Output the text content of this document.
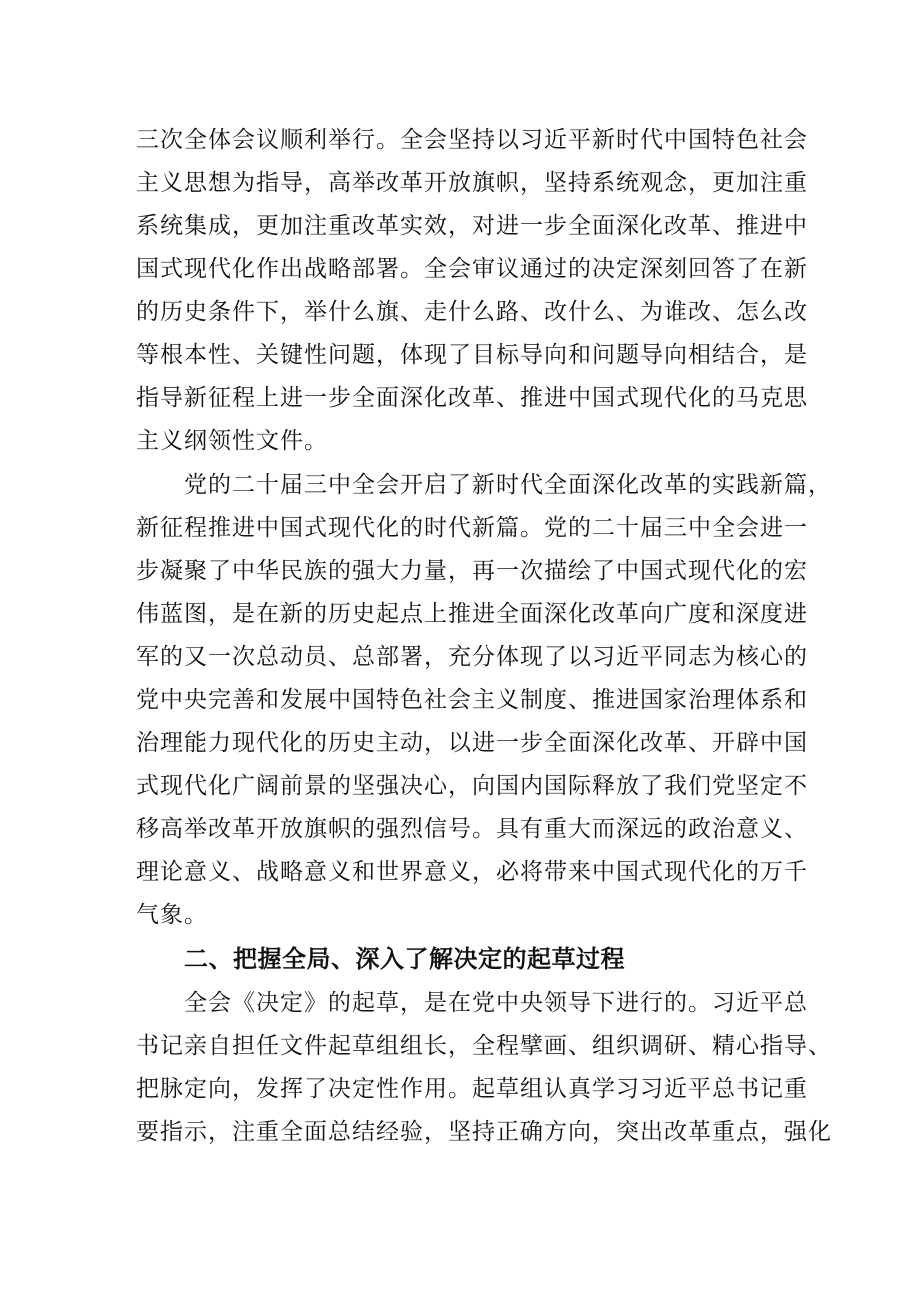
三次全体会议顺利举行。全会坚持以习近平新时代中国特色社会
主义思想为指导，高举改革开放旗帜，坚持系统观念，更加注重
系统集成，更加注重改革实效，对进一步全面深化改革、推进中
国式现代化作出战略部署。全会审议通过的决定深刻回答了在新
的历史条件下，举什么旗、走什么路、改什么、为谁改、怎么改
等根本性、关键性问题，体现了目标导向和问题导向相结合，是
指导新征程上进一步全面深化改革、推进中国式现代化的马克思
主义纲领性文件。
党的二十届三中全会开启了新时代全面深化改革的实践新篇，
新征程推进中国式现代化的时代新篇。党的二十届三中全会进一
步凝聚了中华民族的强大力量，再一次描绘了中国式现代化的宏
伟蓝图，是在新的历史起点上推进全面深化改革向广度和深度进
军的又一次总动员、总部署，充分体现了以习近平同志为核心的
党中央完善和发展中国特色社会主义制度、推进国家治理体系和
治理能力现代化的历史主动，以进一步全面深化改革、开辟中国
式现代化广阔前景的坚强决心，向国内国际释放了我们党坚定不
移高举改革开放旗帜的强烈信号。具有重大而深远的政治意义、
理论意义、战略意义和世界意义，必将带来中国式现代化的万千
气象。
二、把握全局、深入了解决定的起草过程
全会《决定》的起草，是在党中央领导下进行的。习近平总
书记亲自担任文件起草组组长，全程擘画、组织调研、精心指导、
把脉定向，发挥了决定性作用。起草组认真学习习近平总书记重
要指示，注重全面总结经验，坚持正确方向，突出改革重点，强化
